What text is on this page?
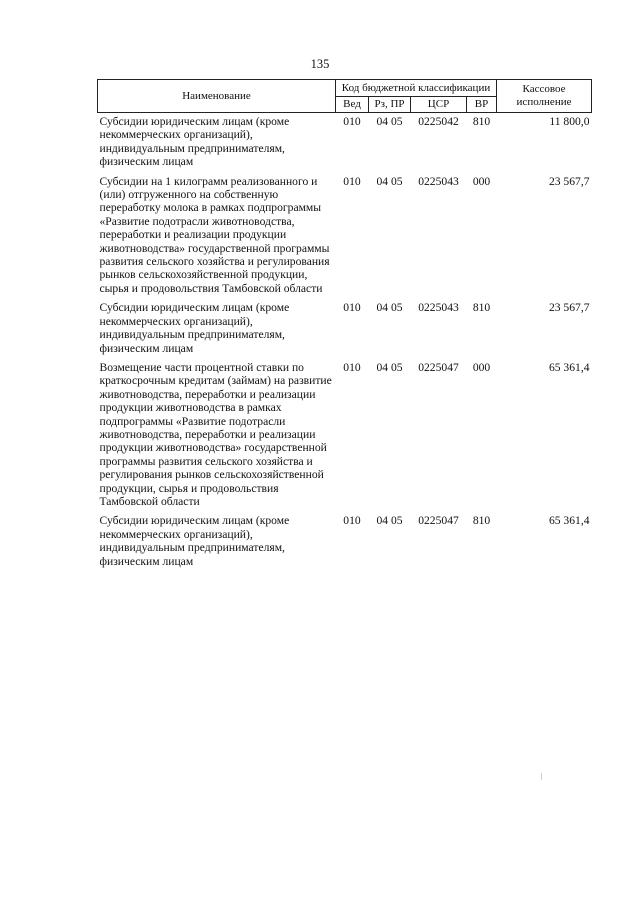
135
Наименование	Код бюджетной классификации				Кассовое исполнение
	Вед	Рз, ПР	ЦСР	ВР	
Субсидии юридическим лицам (кроме некоммерческих организаций), индивидуальным предпринимателям, физическим лицам	010	04 05	0225042	810	11 800,0
Субсидии на 1 килограмм реализованного и (или) отгруженного на собственную переработку молока в рамках подпрограммы «Развитие подотрасли животноводства, переработки и реализации продукции животноводства» государственной программы развития сельского хозяйства и регулирования рынков сельскохозяйственной продукции, сырья и продовольствия Тамбовской области	010	04 05	0225043	000	23 567,7
Субсидии юридическим лицам (кроме некоммерческих организаций), индивидуальным предпринимателям, физическим лицам	010	04 05	0225043	810	23 567,7
Возмещение части процентной ставки по краткосрочным кредитам (займам) на развитие животноводства, переработки и реализации продукции животноводства в рамках подпрограммы «Развитие подотрасли животноводства, переработки и реализации продукции животноводства» государственной программы развития сельского хозяйства и регулирования рынков сельскохозяйственной продукции, сырья и продовольствия Тамбовской области	010	04 05	0225047	000	65 361,4
Субсидии юридическим лицам (кроме некоммерческих организаций), индивидуальным предпринимателям, физическим лицам	010	04 05	0225047	810	65 361,4
